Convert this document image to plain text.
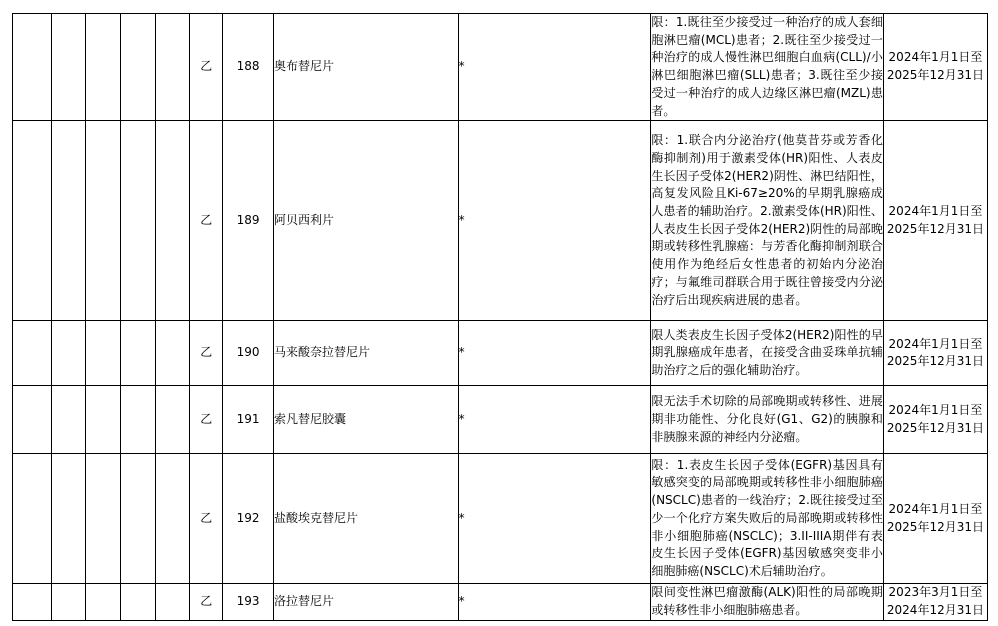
					乙	188	奥布替尼片	*	限：1.既往至少接受过一种治疗的成人套细胞淋巴瘤(MCL)患者；2.既往至少接受过一种治疗的成人慢性淋巴细胞白血病(CLL)/小淋巴细胞淋巴瘤(SLL)患者；3.既往至少接受过一种治疗的成人边缘区淋巴瘤(MZL)患者。	2024年1月1日至
2025年12月31日

					乙	189	阿贝西利片	*	限：1.联合内分泌治疗(他莫昔芬或芳香化酶抑制剂)用于激素受体(HR)阳性、人表皮生长因子受体2(HER2)阴性、淋巴结阳性，高复发风险且Ki-67≥20%的早期乳腺癌成人患者的辅助治疗。2.激素受体(HR)阳性、人表皮生长因子受体2(HER2)阴性的局部晚期或转移性乳腺癌：与芳香化酶抑制剂联合使用作为绝经后女性患者的初始内分泌治疗；与氟维司群联合用于既往曾接受内分泌治疗后出现疾病进展的患者。	2024年1月1日至
2025年12月31日

					乙	190	马来酸奈拉替尼片	*	限人类表皮生长因子受体2(HER2)阳性的早期乳腺癌成年患者，在接受含曲妥珠单抗辅助治疗之后的强化辅助治疗。	2024年1月1日至
2025年12月31日

					乙	191	索凡替尼胶囊	*	限无法手术切除的局部晚期或转移性、进展期非功能性、分化良好(G1、G2)的胰腺和非胰腺来源的神经内分泌瘤。	2024年1月1日至
2025年12月31日

					乙	192	盐酸埃克替尼片	*	限：1.表皮生长因子受体(EGFR)基因具有敏感突变的局部晚期或转移性非小细胞肺癌(NSCLC)患者的一线治疗；2.既往接受过至少一个化疗方案失败后的局部晚期或转移性非小细胞肺癌(NSCLC)；3.II-IIIA期伴有表皮生长因子受体(EGFR)基因敏感突变非小细胞肺癌(NSCLC)术后辅助治疗。	2024年1月1日至
2025年12月31日

					乙	193	洛拉替尼片	*	限间变性淋巴瘤激酶(ALK)阳性的局部晚期或转移性非小细胞肺癌患者。	2023年3月1日至
2024年12月31日
